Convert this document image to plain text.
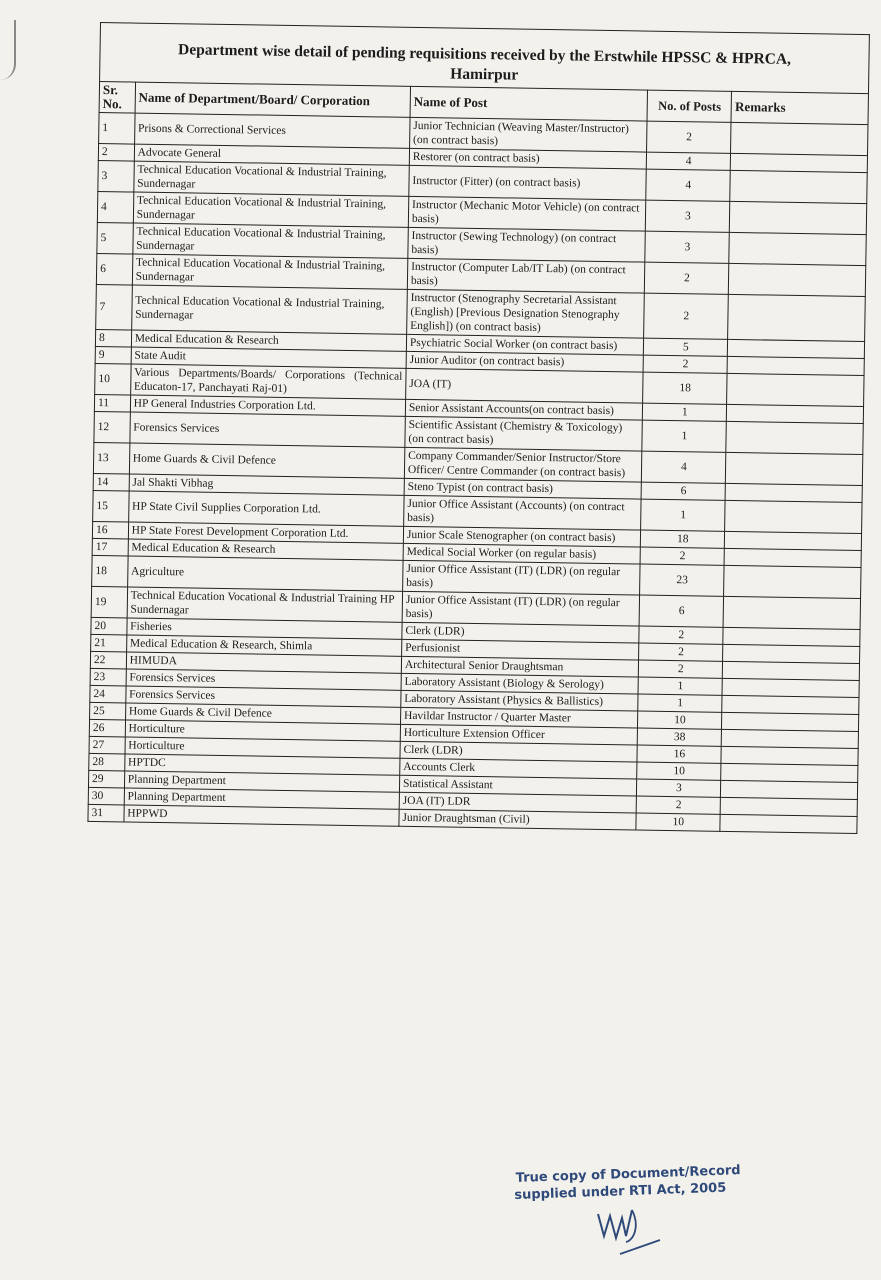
Department wise detail of pending requisitions received by the Erstwhile HPSSC & HPRCA,
Hamirpur				
Sr. No.	Name of Department/Board/ Corporation	Name of Post	No. of Posts	Remarks
1	Prisons & Correctional Services	Junior Technician (Weaving Master/Instructor) (on contract basis)	2	
2	Advocate General	Restorer (on contract basis)	4	
3	Technical Education Vocational & Industrial Training, Sundernagar	Instructor (Fitter) (on contract basis)	4	
4	Technical Education Vocational & Industrial Training, Sundernagar	Instructor (Mechanic Motor Vehicle) (on contract basis)	3	
5	Technical Education Vocational & Industrial Training, Sundernagar	Instructor (Sewing Technology) (on contract basis)	3	
6	Technical Education Vocational & Industrial Training, Sundernagar	Instructor (Computer Lab/IT Lab) (on contract basis)	2	
7	Technical Education Vocational & Industrial Training, Sundernagar	Instructor (Stenography Secretarial Assistant (English) [Previous Designation Stenography English]) (on contract basis)	2	
8	Medical Education & Research	Psychiatric Social Worker (on contract basis)	5	
9	State Audit	Junior Auditor (on contract basis)	2	
10	Various Departments/Boards/ Corporations (Technical Educaton-17, Panchayati Raj-01)	JOA (IT)	18	
11	HP General Industries Corporation Ltd.	Senior Assistant Accounts(on contract basis)	1	
12	Forensics Services	Scientific Assistant (Chemistry & Toxicology) (on contract basis)	1	
13	Home Guards & Civil Defence	Company Commander/Senior Instructor/Store Officer/ Centre Commander (on contract basis)	4	
14	Jal Shakti Vibhag	Steno Typist (on contract basis)	6	
15	HP State Civil Supplies Corporation Ltd.	Junior Office Assistant (Accounts) (on contract basis)	1	
16	HP State Forest Development Corporation Ltd.	Junior Scale Stenographer (on contract basis)	18	
17	Medical Education & Research	Medical Social Worker (on regular basis)	2	
18	Agriculture	Junior Office Assistant (IT) (LDR) (on regular basis)	23	
19	Technical Education Vocational & Industrial Training HP Sundernagar	Junior Office Assistant (IT) (LDR) (on regular basis)	6	
20	Fisheries	Clerk (LDR)	2	
21	Medical Education & Research, Shimla	Perfusionist	2	
22	HIMUDA	Architectural Senior Draughtsman	2	
23	Forensics Services	Laboratory Assistant (Biology & Serology)	1	
24	Forensics Services	Laboratory Assistant (Physics & Ballistics)	1	
25	Home Guards & Civil Defence	Havildar Instructor / Quarter Master	10	
26	Horticulture	Horticulture Extension Officer	38	
27	Horticulture	Clerk (LDR)	16	
28	HPTDC	Accounts Clerk	10	
29	Planning Department	Statistical Assistant	3	
30	Planning Department	JOA (IT) LDR	2	
31	HPPWD	Junior Draughtsman (Civil)	10	
True copy of Document/Record
supplied under RTI Act, 2005
